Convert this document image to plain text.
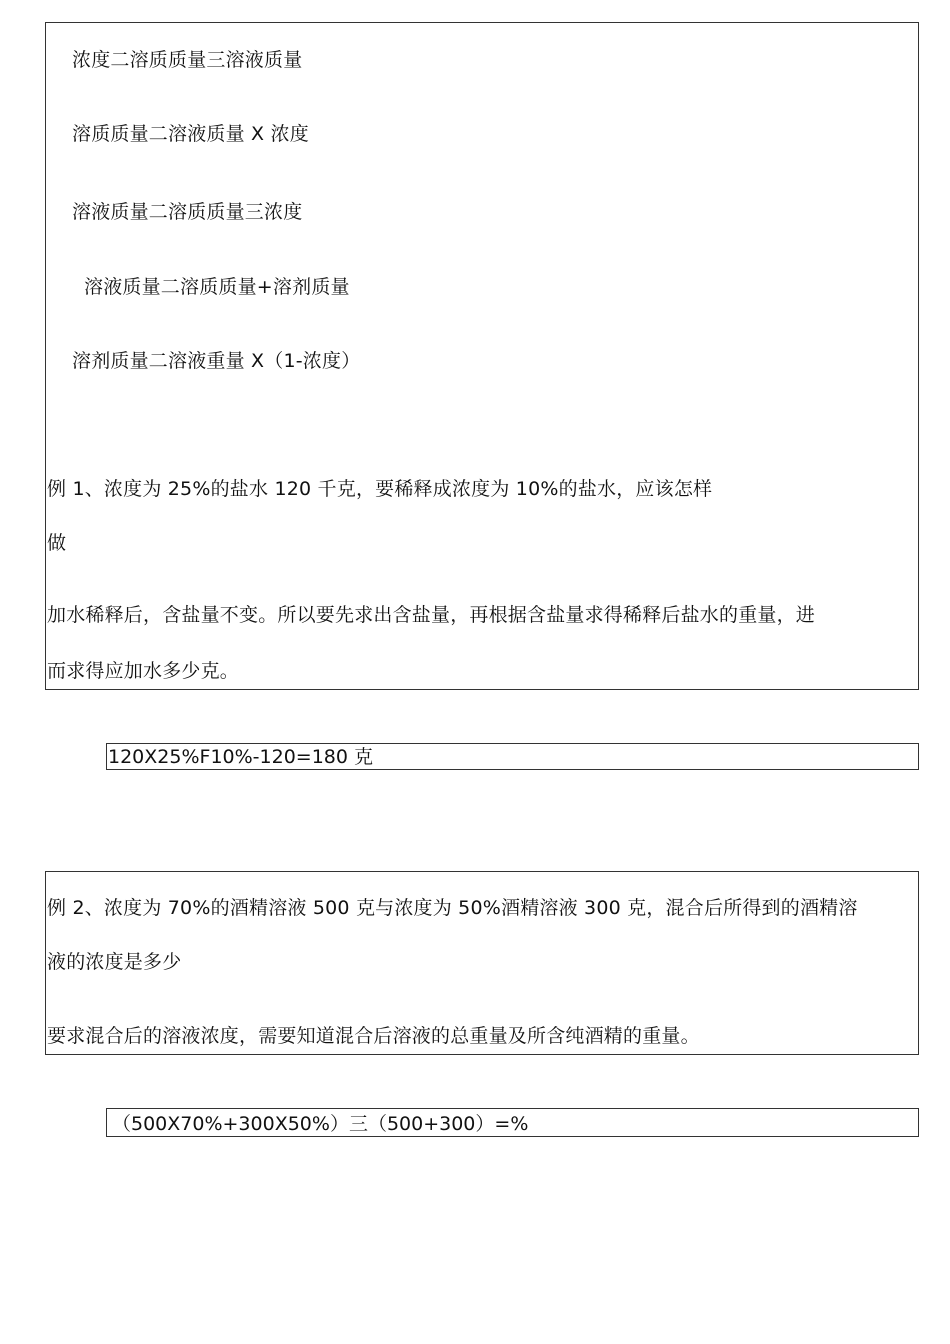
浓度二溶质质量三溶液质量
溶质质量二溶液质量 X 浓度
溶液质量二溶质质量三浓度
溶液质量二溶质质量+溶剂质量
溶剂质量二溶液重量 X（1-浓度）
例 1、浓度为 25%的盐水 120 千克，要稀释成浓度为 10%的盐水，应该怎样
做
加水稀释后，含盐量不变。所以要先求出含盐量，再根据含盐量求得稀释后盐水的重量，进
而求得应加水多少克。
120X25%F10%-120=180 克
例 2、浓度为 70%的酒精溶液 500 克与浓度为 50%酒精溶液 300 克，混合后所得到的酒精溶
液的浓度是多少
要求混合后的溶液浓度，需要知道混合后溶液的总重量及所含纯酒精的重量。
（500X70%+300X50%）三（500+300）=%
